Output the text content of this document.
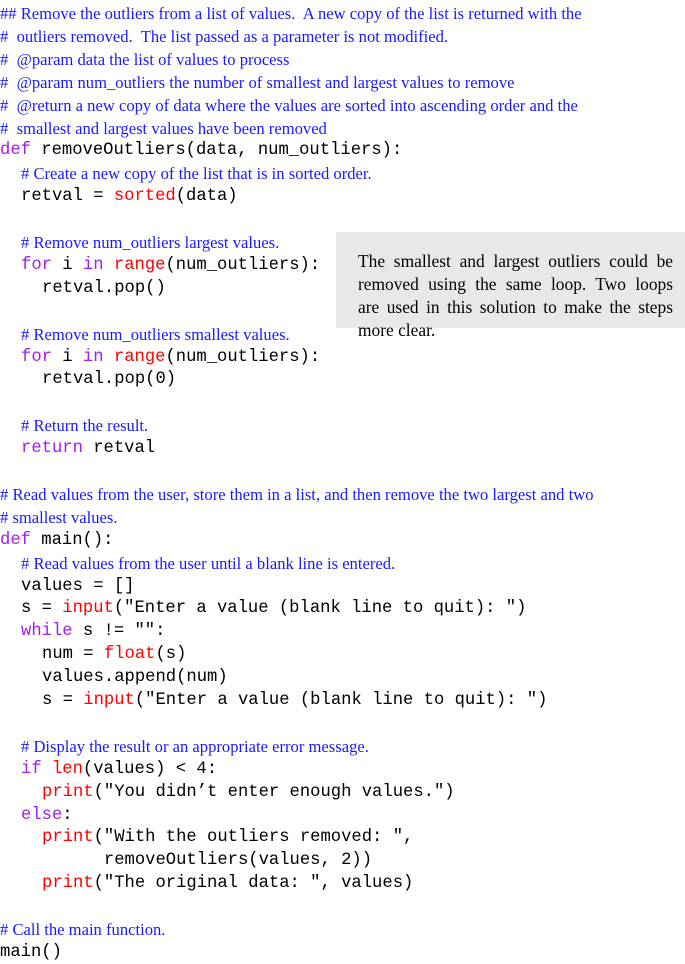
## Remove the outliers from a list of values.  A new copy of the list is returned with the
#  outliers removed.  The list passed as a parameter is not modified.
#  @param data the list of values to process
#  @param num_outliers the number of smallest and largest values to remove
#  @return a new copy of data where the values are sorted into ascending order and the
#  smallest and largest values have been removed
def removeOutliers(data, num_outliers):
# Create a new copy of the list that is in sorted order.
retval = sorted(data)
# Remove num_outliers largest values.
for i in range(num_outliers):
retval.pop()
# Remove num_outliers smallest values.
for i in range(num_outliers):
retval.pop(0)
# Return the result.
return retval
# Read values from the user, store them in a list, and then remove the two largest and two
# smallest values.
def main():
# Read values from the user until a blank line is entered.
values = []
s = input("Enter a value (blank line to quit): ")
while s != "":
num = float(s)
values.append(num)
s = input("Enter a value (blank line to quit): ")
# Display the result or an appropriate error message.
if len(values) < 4:
print("You didn’t enter enough values.")
else:
print("With the outliers removed: ",
removeOutliers(values, 2))
print("The original data: ", values)
# Call the main function.
main()
The smallest and largest outliers could be
removed using the same loop. Two loops
are used in this solution to make the steps
more clear.
